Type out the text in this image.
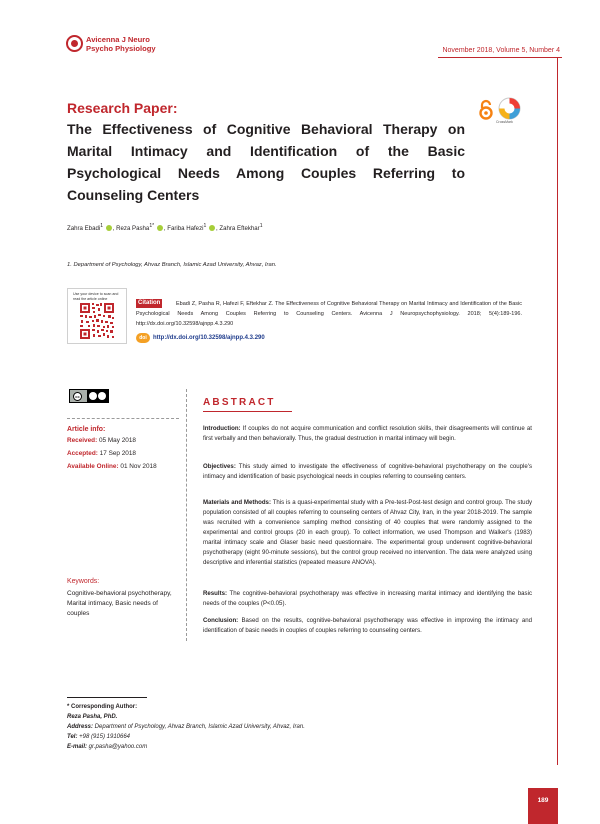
Avicenna J Neuro
Psycho Physiology	November 2018, Volume 5, Number 4
Research Paper:
The Effectiveness of Cognitive Behavioral Therapy on Marital Intimacy and Identification of the Basic Psychological Needs Among Couples Referring to Counseling Centers
CrossMark
Zahra Ebadi$^1$ , Reza Pasha$^{1*}$ , Fariba Hafezi$^1$ , Zahra Eftekhar$^1$
1. Department of Psychology, Ahvaz Branch, Islamic Azad University, Ahvaz, Iran.
Use your device to scan and read the article online
Ebadi Z, Pasha R, Hafezi F, Eftekhar Z. The Effectiveness of Cognitive Behavioral Therapy on Marital Intimacy and Identification of the Basic Psychological Needs Among Couples Referring to Counseling Centers. Avicenna J Neuropsychophysiology. 2018; 5(4):189-196. http://dx.doi.org/10.32598/ajnpp.4.3.290
Citation
doi	http://dx.doi.org/10.32598/ajnpp.4.3.290
cc
Article info:
Received: 05 May 2018
Accepted: 17 Sep 2018
Available Online: 01 Nov 2018
Keywords:
Cognitive-behavioral psychotherapy, Marital intimacy, Basic needs of couples
ABSTRACT
Introduction: If couples do not acquire communication and conflict resolution skills, their disagreements will continue at first verbally and then behaviorally. Thus, the gradual destruction in marital intimacy will begin.
Objectives: This study aimed to investigate the effectiveness of cognitive-behavioral psychotherapy on the couple's intimacy and identification of basic psychological needs in couples referring to counseling centers.
Materials and Methods: This is a quasi-experimental study with a Pre-test-Post-test design and control group. The study population consisted of all couples referring to counseling centers of Ahvaz City, Iran, in the year 2018-2019. The sample was recruited with a convenience sampling method consisting of 40 couples that were randomly assigned to the experimental and control groups (20 in each group). To collect information, we used Thompson and Walker's (1983) marital intimacy scale and Glaser basic need questionnaire. The experimental group underwent cognitive-behavioral psychotherapy (eight 90-minute sessions), but the control group received no intervention. The data were analyzed using descriptive and inferential statistics (repeated measure ANOVA).
Results: The cognitive-behavioral psychotherapy was effective in increasing marital intimacy and identifying the basic needs of the couples (P<0.05).
Conclusion: Based on the results, cognitive-behavioral psychotherapy was effective in improving the intimacy and identification of basic needs in couples of couples referring to counseling centers.
* Corresponding Author:
Reza Pasha, PhD.
Address: Department of Psychology, Ahvaz Branch, Islamic Azad University, Ahvaz, Iran.
Tel: +98 (915) 1910664
E-mail: gr.pasha@yahoo.com
189
